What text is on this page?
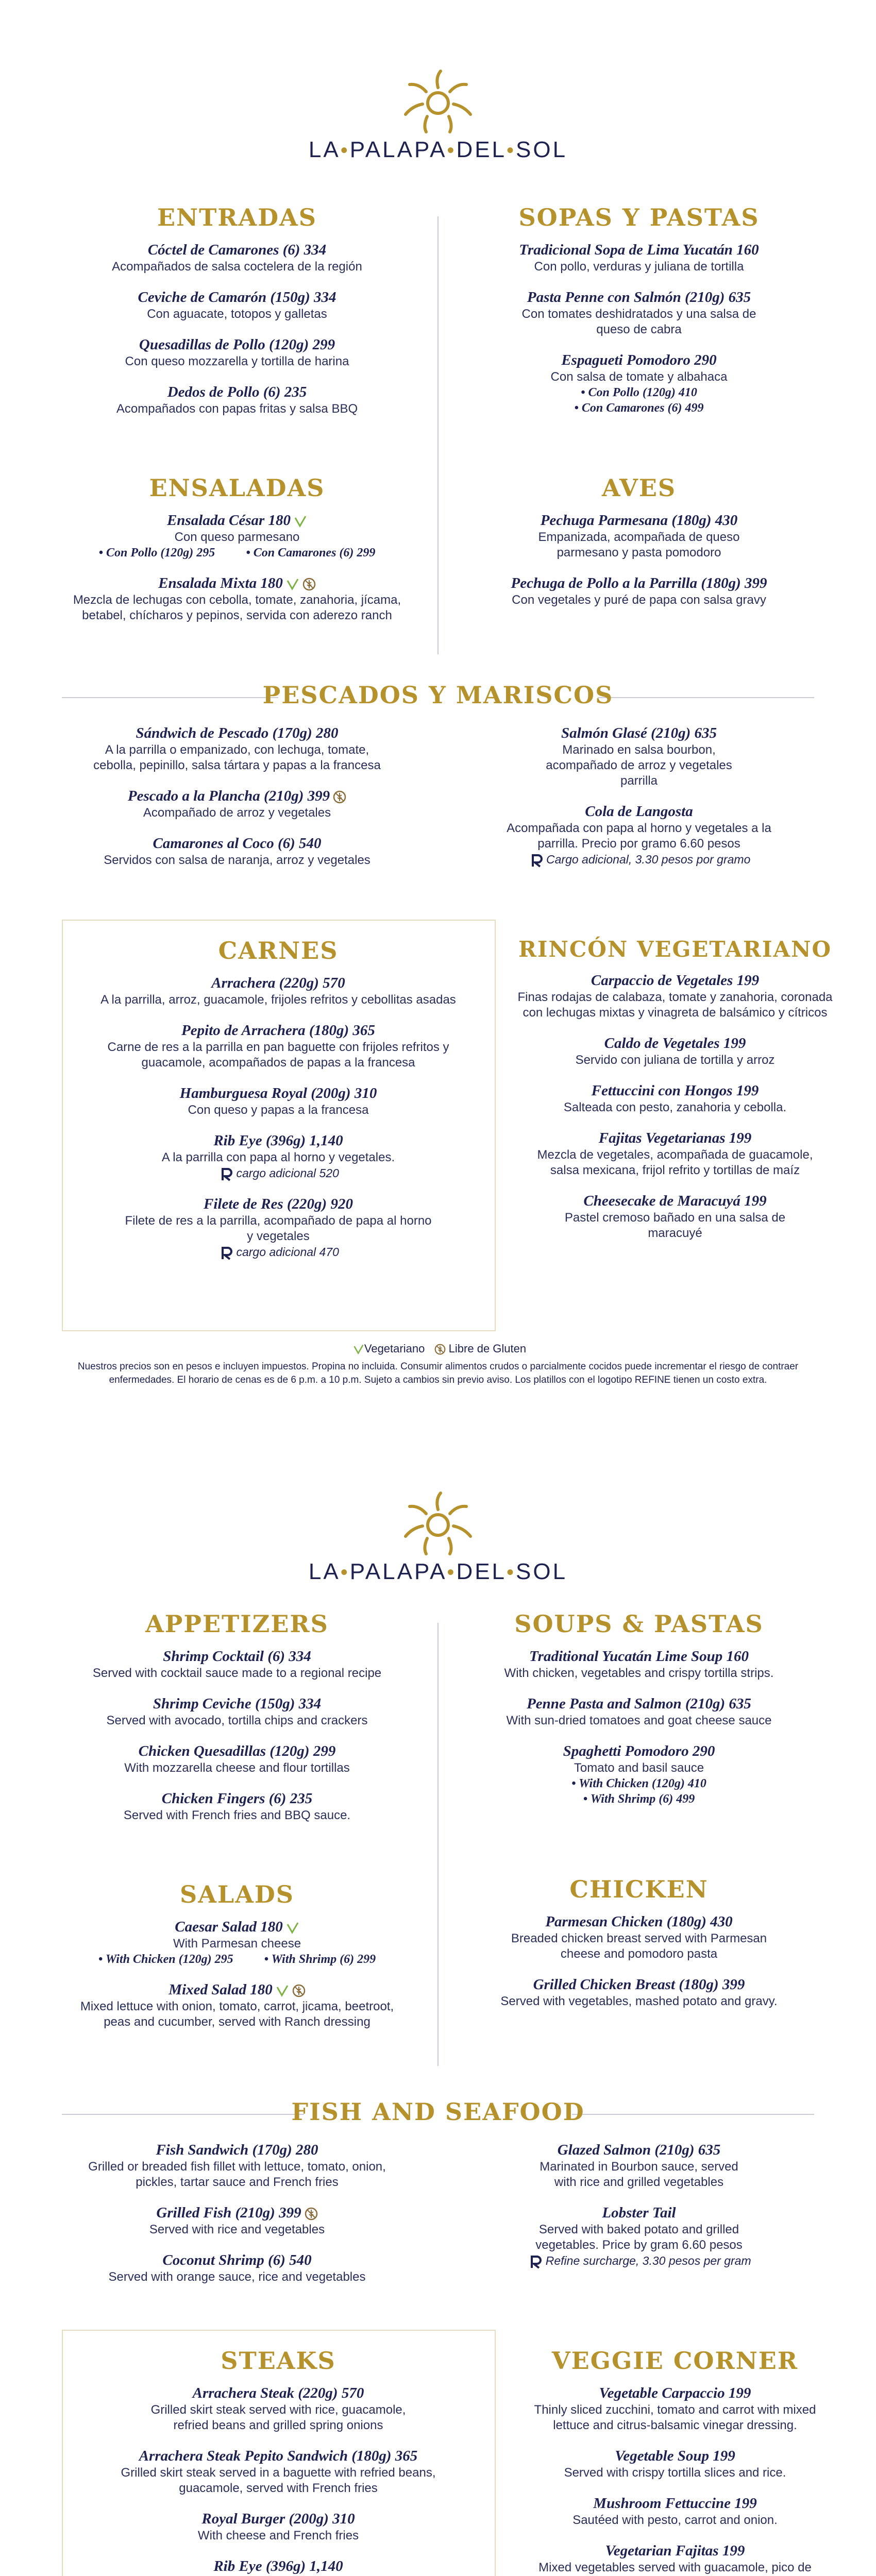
LA•PALAPA•DEL•SOL
ENTRADAS
Cóctel de Camarones (6) 334
Acompañados de salsa coctelera de la región
Ceviche de Camarón (150g) 334
Con aguacate, totopos y galletas
Quesadillas de Pollo (120g) 299
Con queso mozzarella y tortilla de harina
Dedos de Pollo (6) 235
Acompañados con papas fritas y salsa BBQ
ENSALADAS
Ensalada César 180
Con queso parmesano
• Con Pollo (120g) 295	• Con Camarones (6) 299
Ensalada Mixta 180
Mezcla de lechugas con cebolla, tomate, zanahoria, jícama, betabel, chícharos y pepinos, servida con aderezo ranch
SOPAS Y PASTAS
Tradicional Sopa de Lima Yucatán 160
Con pollo, verduras y juliana de tortilla
Pasta Penne con Salmón (210g) 635
Con tomates deshidratados y una salsa de queso de cabra
Espagueti Pomodoro 290
Con salsa de tomate y albahaca
• Con Pollo (120g) 410
• Con Camarones (6) 499
AVES
Pechuga Parmesana (180g) 430
Empanizada, acompañada de queso parmesano y pasta pomodoro
Pechuga de Pollo a la Parrilla (180g) 399
Con vegetales y puré de papa con salsa gravy
PESCADOS Y MARISCOS
Sándwich de Pescado (170g) 280
A la parrilla o empanizado, con lechuga, tomate, cebolla, pepinillo, salsa tártara y papas a la francesa
Pescado a la Plancha (210g) 399
Acompañado de arroz y vegetales
Camarones al Coco (6) 540
Servidos con salsa de naranja, arroz y vegetales
Salmón Glasé (210g) 635
Marinado en salsa bourbon, acompañado de arroz y vegetales parrilla
Cola de Langosta
Acompañada con papa al horno y vegetales a la parrilla. Precio por gramo 6.60 pesos
Cargo adicional, 3.30 pesos por gramo
CARNES
Arrachera (220g) 570
A la parrilla, arroz, guacamole, frijoles refritos y cebollitas asadas
Pepito de Arrachera (180g) 365
Carne de res a la parrilla en pan baguette con frijoles refritos y guacamole, acompañados de papas a la francesa
Hamburguesa Royal (200g) 310
Con queso y papas a la francesa
Rib Eye (396g) 1,140
A la parrilla con papa al horno y vegetales.
cargo adicional 520
Filete de Res (220g) 920
Filete de res a la parrilla, acompañado de papa al horno y vegetales
cargo adicional 470
RINCÓN VEGETARIANO
Carpaccio de Vegetales 199
Finas rodajas de calabaza, tomate y zanahoria, coronada con lechugas mixtas y vinagreta de balsámico y cítricos
Caldo de Vegetales 199
Servido con juliana de tortilla y arroz
Fettuccini con Hongos 199
Salteada con pesto, zanahoria y cebolla.
Fajitas Vegetarianas 199
Mezcla de vegetales, acompañada de guacamole, salsa mexicana, frijol refrito y tortillas de maíz
Cheesecake de Maracuyá 199
Pastel cremoso bañado en una salsa de maracuyé
Vegetariano Libre de Gluten
Nuestros precios son en pesos e incluyen impuestos. Propina no incluida. Consumir alimentos crudos o parcialmente cocidos puede incrementar el riesgo de contraer enfermedades. El horario de cenas es de 6 p.m. a 10 p.m. Sujeto a cambios sin previo aviso. Los platillos con el logotipo REFINE tienen un costo extra.
LA•PALAPA•DEL•SOL
APPETIZERS
Shrimp Cocktail (6) 334
Served with cocktail sauce made to a regional recipe
Shrimp Ceviche (150g) 334
Served with avocado, tortilla chips and crackers
Chicken Quesadillas (120g) 299
With mozzarella cheese and flour tortillas
Chicken Fingers (6) 235
Served with French fries and BBQ sauce.
SALADS
Caesar Salad 180
With Parmesan cheese
• With Chicken (120g) 295	• With Shrimp (6) 299
Mixed Salad 180
Mixed lettuce with onion, tomato, carrot, jicama, beetroot, peas and cucumber, served with Ranch dressing
SOUPS & PASTAS
Traditional Yucatán Lime Soup 160
With chicken, vegetables and crispy tortilla strips.
Penne Pasta and Salmon (210g) 635
With sun-dried tomatoes and goat cheese sauce
Spaghetti Pomodoro 290
Tomato and basil sauce
• With Chicken (120g) 410
• With Shrimp (6) 499
CHICKEN
Parmesan Chicken (180g) 430
Breaded chicken breast served with Parmesan cheese and pomodoro pasta
Grilled Chicken Breast (180g) 399
Served with vegetables, mashed potato and gravy.
FISH AND SEAFOOD
Fish Sandwich (170g) 280
Grilled or breaded fish fillet with lettuce, tomato, onion, pickles, tartar sauce and French fries
Grilled Fish (210g) 399
Served with rice and vegetables
Coconut Shrimp (6) 540
Served with orange sauce, rice and vegetables
Glazed Salmon (210g) 635
Marinated in Bourbon sauce, served with rice and grilled vegetables
Lobster Tail
Served with baked potato and grilled vegetables. Price by gram 6.60 pesos
Refine surcharge, 3.30 pesos per gram
STEAKS
Arrachera Steak (220g) 570
Grilled skirt steak served with rice, guacamole, refried beans and grilled spring onions
Arrachera Steak Pepito Sandwich (180g) 365
Grilled skirt steak served in a baguette with refried beans, guacamole, served with French fries
Royal Burger (200g) 310
With cheese and French fries
Rib Eye (396g) 1,140
VEGGIE CORNER
Vegetable Carpaccio 199
Thinly sliced zucchini, tomato and carrot with mixed lettuce and citrus-balsamic vinegar dressing.
Vegetable Soup 199
Served with crispy tortilla slices and rice.
Mushroom Fettuccine 199
Sautéed with pesto, carrot and onion.
Vegetarian Fajitas 199
Mixed vegetables served with guacamole, pico de
